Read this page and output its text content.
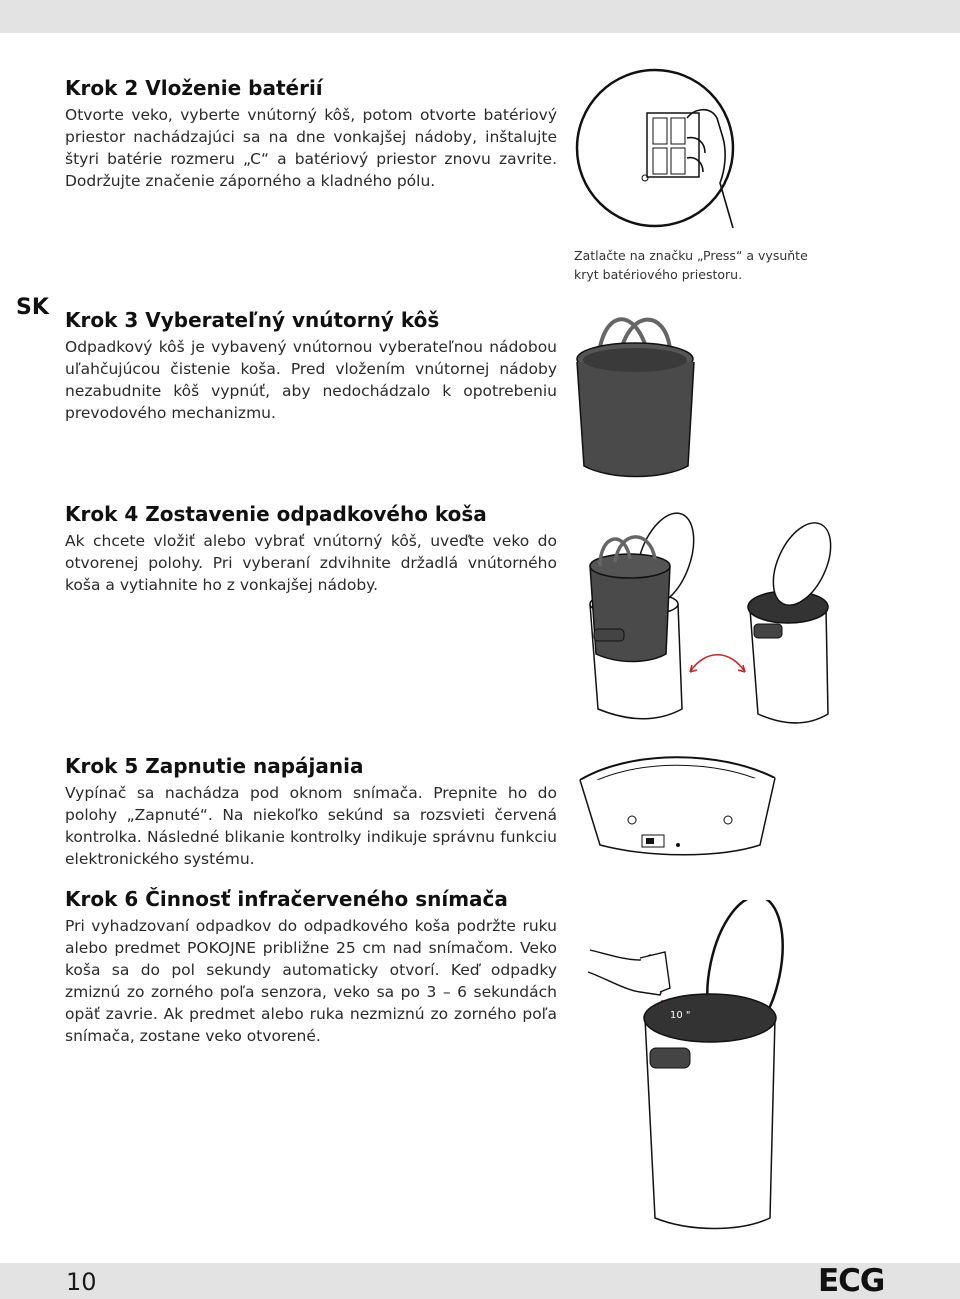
SK
Krok 2 Vloženie batérií

Otvorte veko, vyberte vnútorný kôš, potom otvorte batériový priestor nachádzajúci sa na dne vonkajšej nádoby, inštalujte štyri batérie rozmeru „C“ a batériový priestor znovu zavrite. Dodržujte značenie záporného a kladného pólu.

Krok 3 Vyberateľný vnútorný kôš

Odpadkový kôš je vybavený vnútornou vyberateľnou nádobou uľahčujúcou čistenie koša. Pred vložením vnútornej nádoby nezabudnite kôš vypnúť, aby nedochádzalo k opotrebeniu prevodového mechanizmu.

Krok 4 Zostavenie odpadkového koša

Ak chcete vložiť alebo vybrať vnútorný kôš, uveďte veko do otvorenej polohy. Pri vyberaní zdvihnite držadlá vnútorného koša a vytiahnite ho z vonkajšej nádoby.

Krok 5 Zapnutie napájania

Vypínač sa nachádza pod oknom snímača. Prepnite ho do polohy „Zapnuté“. Na niekoľko sekúnd sa rozsvieti červená kontrolka. Následné blikanie kontrolky indikuje správnu funkciu elektronického systému.

Krok 6 Činnosť infračerveného snímača

Pri vyhadzovaní odpadkov do odpadkového koša podržte ruku alebo predmet POKOJNE približne 25 cm nad snímačom. Veko koša sa do pol sekundy automaticky otvorí. Keď odpadky zmiznú zo zorného poľa senzora, veko sa po 3 – 6 sekundách opäť zavrie. Ak predmet alebo ruka nezmiznú zo zorného poľa snímača, zostane veko otvorené.

Zatlačte na značku „Press“ a vysuňte kryt batériového priestoru.
10 "
10	ECG
